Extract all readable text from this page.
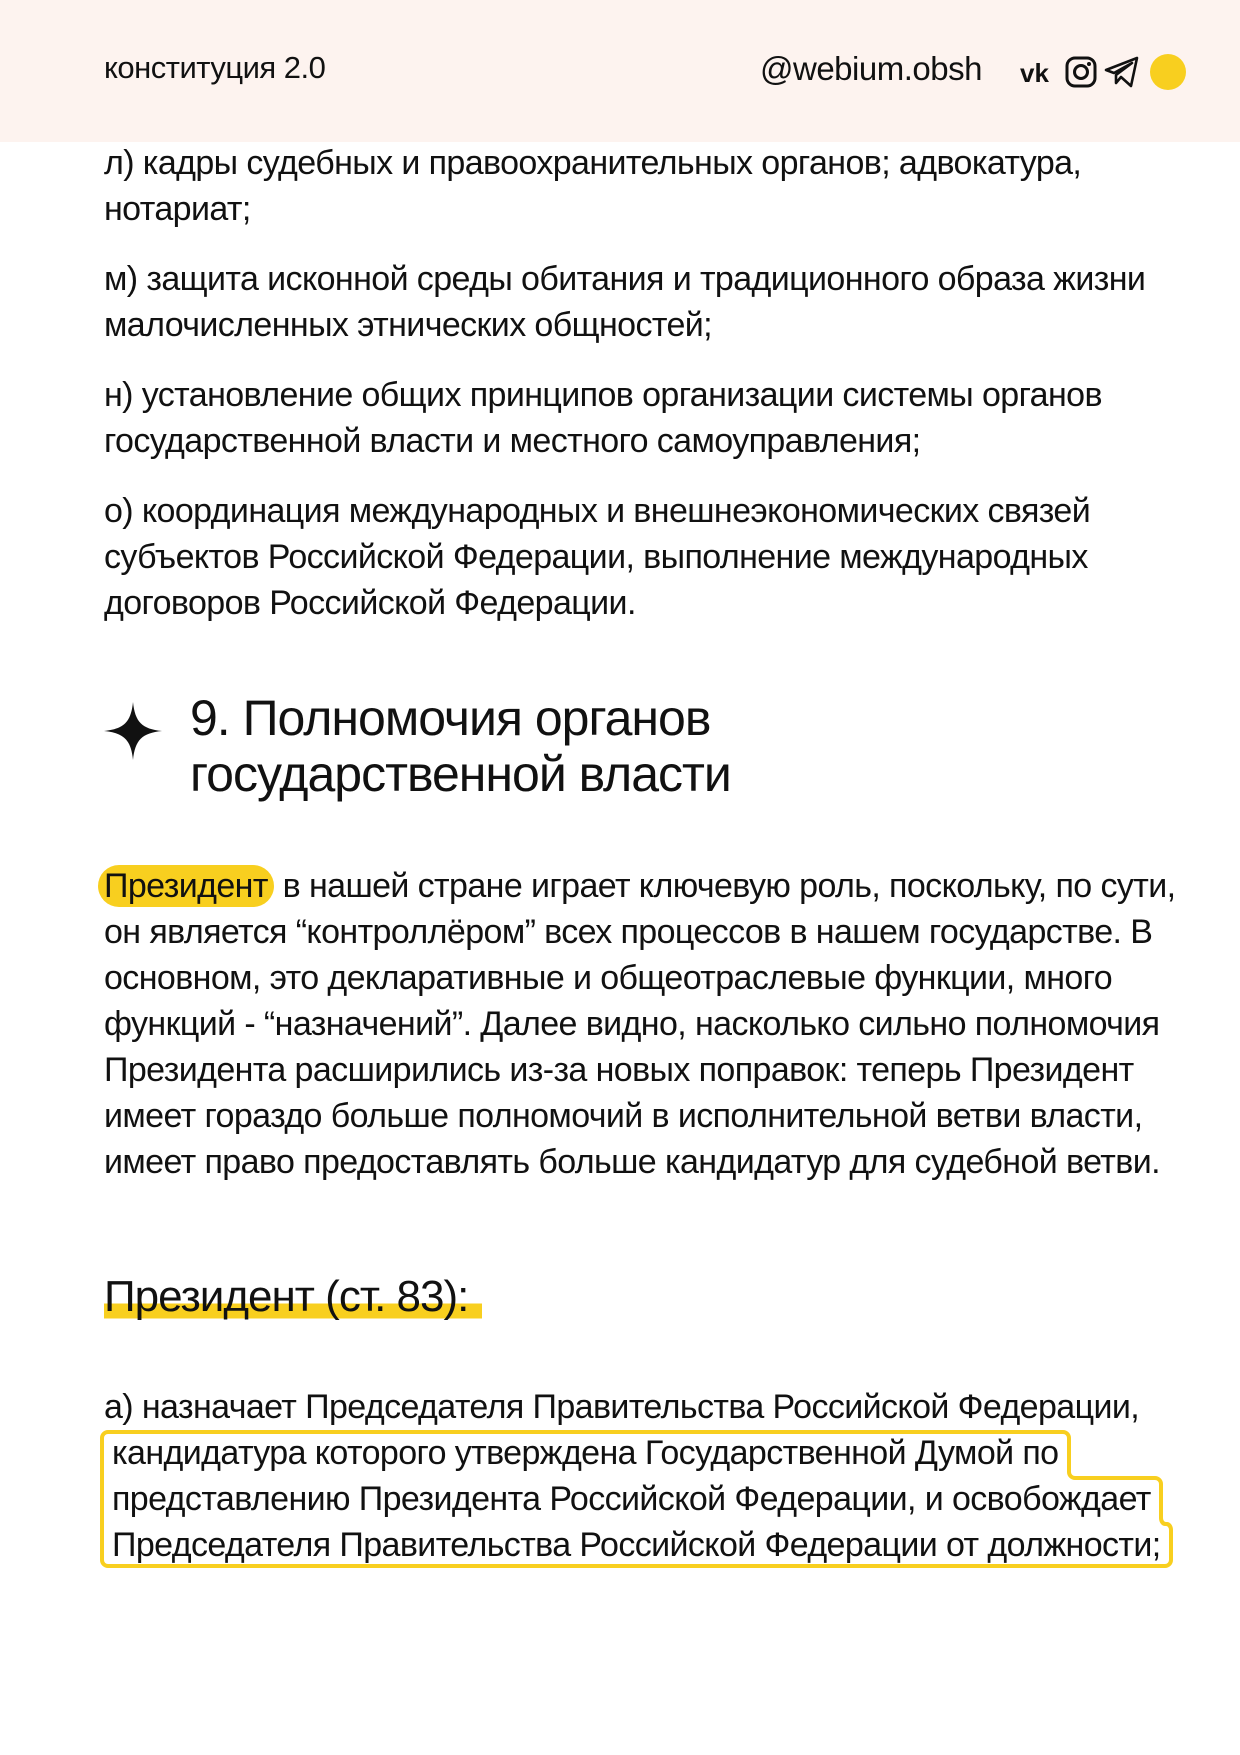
конституция 2.0	@webium.obsh vk

л) кадры судебных и правоохранительных органов; адвокатура, нотариат;

м) защита исконной среды обитания и традиционного образа жизни малочисленных этнических общностей;

н) установление общих принципов организации системы органов государственной власти и местного самоуправления;

о) координация международных и внешнеэкономических связей субъектов Российской Федерации, выполнение международных договоров Российской Федерации.

9. Полномочия органов государственной власти
Президент в нашей стране играет ключевую роль, поскольку, по сути, он является “контроллёром” всех процессов в нашем государстве. В основном, это декларативные и общеотраслевые функции, много функций - “назначений”. Далее видно, насколько сильно полномочия Президента расширились из-за новых поправок: теперь Президент имеет гораздо больше полномочий в исполнительной ветви власти, имеет право предоставлять больше кандидатур для судебной ветви.
Президент (ст. 83):
а) назначает Председателя Правительства Российской Федерации, кандидатура которого утверждена Государственной Думой по представлению Президента Российской Федерации, и освобождает Председателя Правительства Российской Федерации от должности;
